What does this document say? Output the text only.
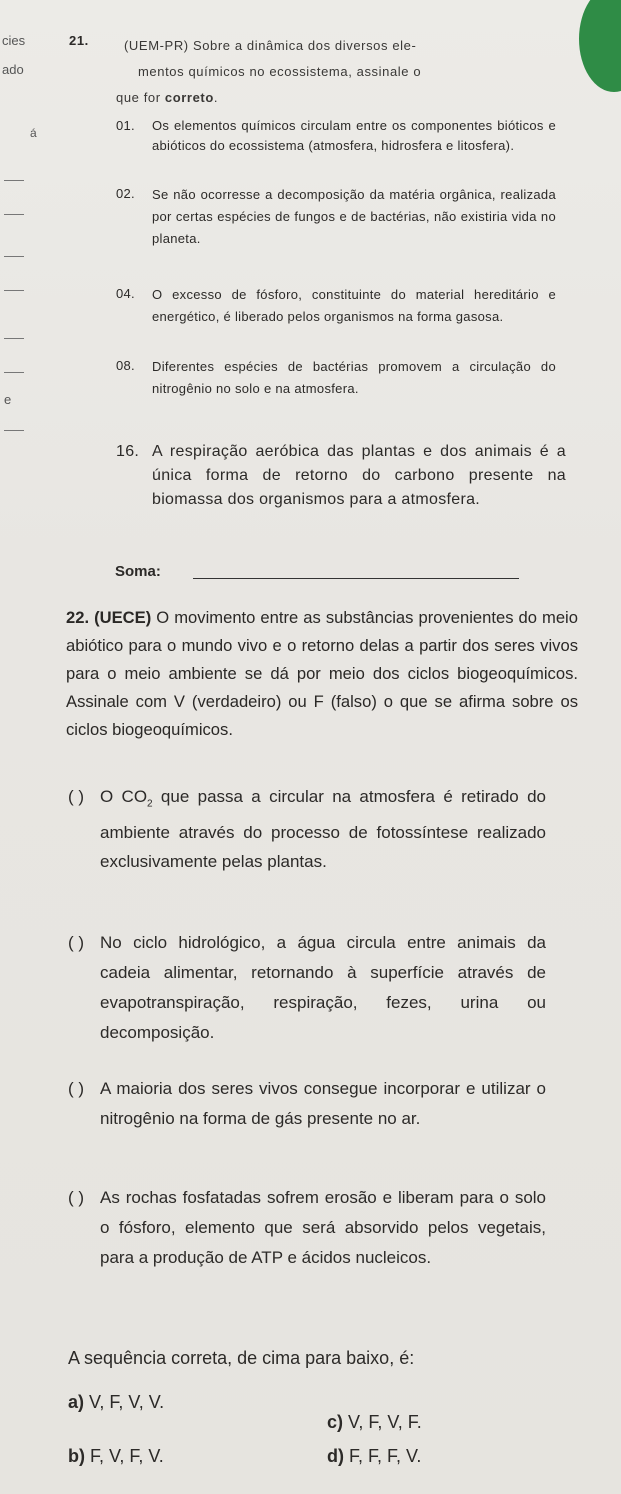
cies
ado
á
e
21.	(UEM-PR) Sobre a dinâmica dos diversos ele-
mentos químicos no ecossistema, assinale o
que for correto.
01.	Os elementos químicos circulam entre os componentes bióticos e abióticos do ecossistema (atmosfera, hidrosfera e litosfera).
02.	Se não ocorresse a decomposição da matéria orgânica, realizada por certas espécies de fungos e de bactérias, não existiria vida no planeta.
04.	O excesso de fósforo, constituinte do material hereditário e energético, é liberado pelos organismos na forma gasosa.
08.	Diferentes espécies de bactérias promovem a circulação do nitrogênio no solo e na atmosfera.
16. A respiração aeróbica das plantas e dos animais é a única forma de retorno do carbono presente na biomassa dos organismos para a atmosfera.
Soma:
22. (UECE) O movimento entre as substâncias provenientes do meio abiótico para o mundo vivo e o retorno delas a partir dos seres vivos para o meio ambiente se dá por meio dos ciclos biogeoquímicos. Assinale com V (verdadeiro) ou F (falso) o que se afirma sobre os ciclos biogeoquímicos.
( ) O $CO_2$ que passa a circular na atmosfera é retirado do ambiente através do processo de fotossíntese realizado exclusivamente pelas plantas.
( ) No ciclo hidrológico, a água circula entre animais da cadeia alimentar, retornando à superfície através de evapotranspiração, respiração, fezes, urina ou decomposição.
( ) A maioria dos seres vivos consegue incorporar e utilizar o nitrogênio na forma de gás presente no ar.
( ) As rochas fosfatadas sofrem erosão e liberam para o solo o fósforo, elemento que será absorvido pelos vegetais, para a produção de ATP e ácidos nucleicos.
A sequência correta, de cima para baixo, é:
a) V, F, V, V.
c) V, F, V, F.
b) F, V, F, V.	d) F, F, F, V.
